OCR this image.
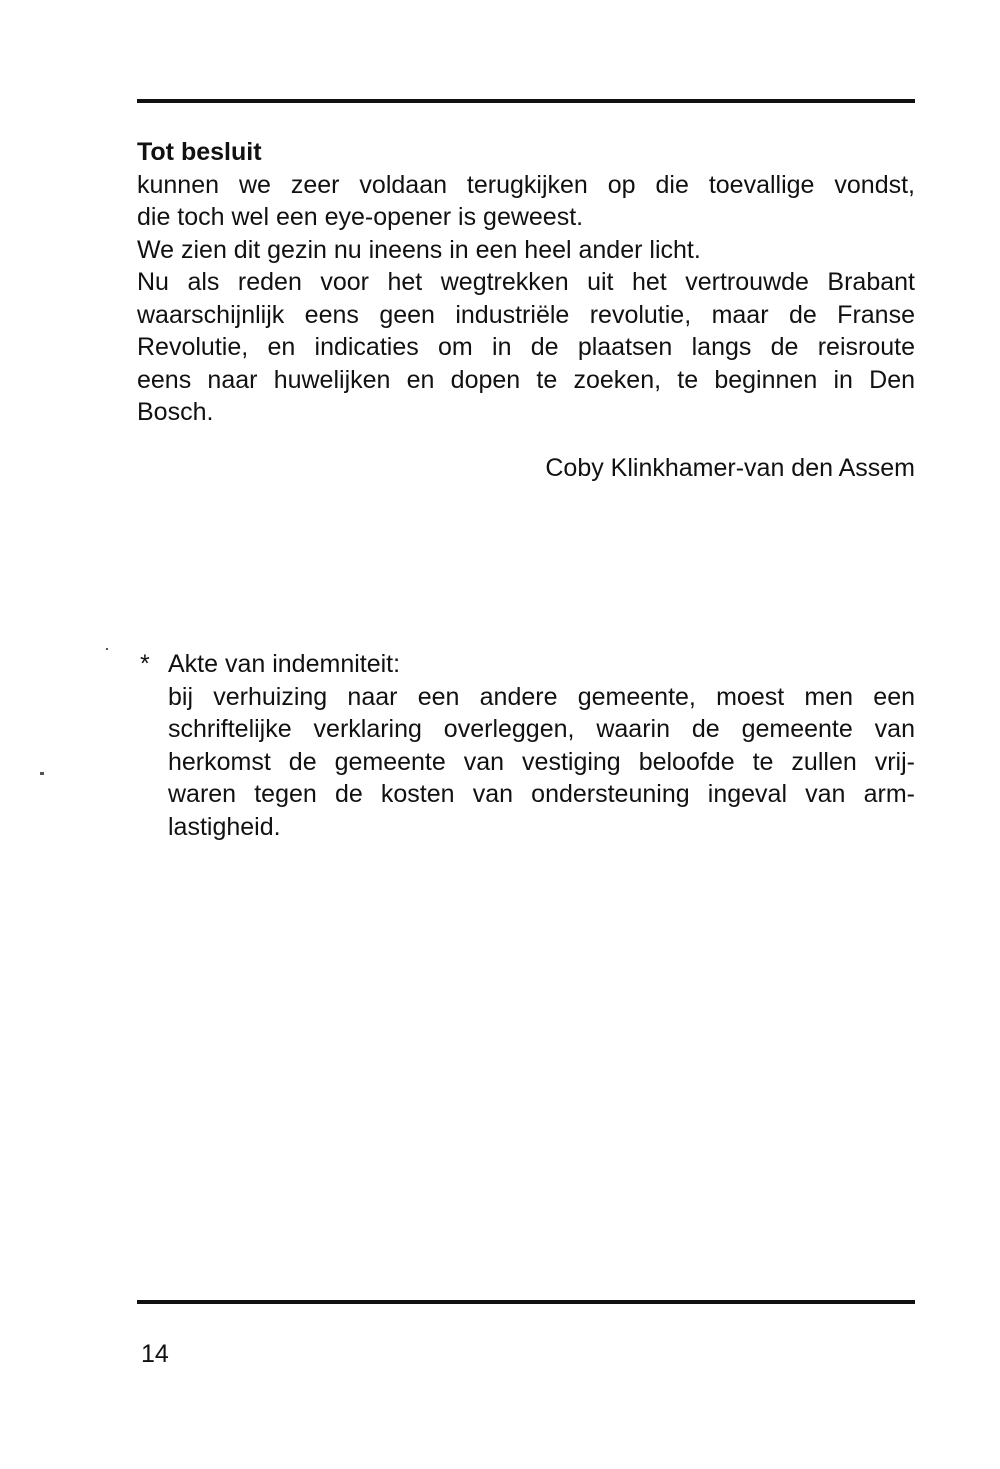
Tot besluit
kunnen we zeer voldaan terugkijken op die toevallige vondst,
die toch wel een eye-opener is geweest.
We zien dit gezin nu ineens in een heel ander licht.
Nu als reden voor het wegtrekken uit het vertrouwde Brabant
waarschijnlijk eens geen industriële revolutie, maar de Franse
Revolutie, en indicaties om in de plaatsen langs de reisroute
eens naar huwelijken en dopen te zoeken, te beginnen in Den
Bosch.
Coby Klinkhamer-van den Assem
* Akte van indemniteit:
bij verhuizing naar een andere gemeente, moest men een
schriftelijke verklaring overleggen, waarin de gemeente van
herkomst de gemeente van vestiging beloofde te zullen vrij-
waren tegen de kosten van ondersteuning ingeval van arm-
lastigheid.
14
